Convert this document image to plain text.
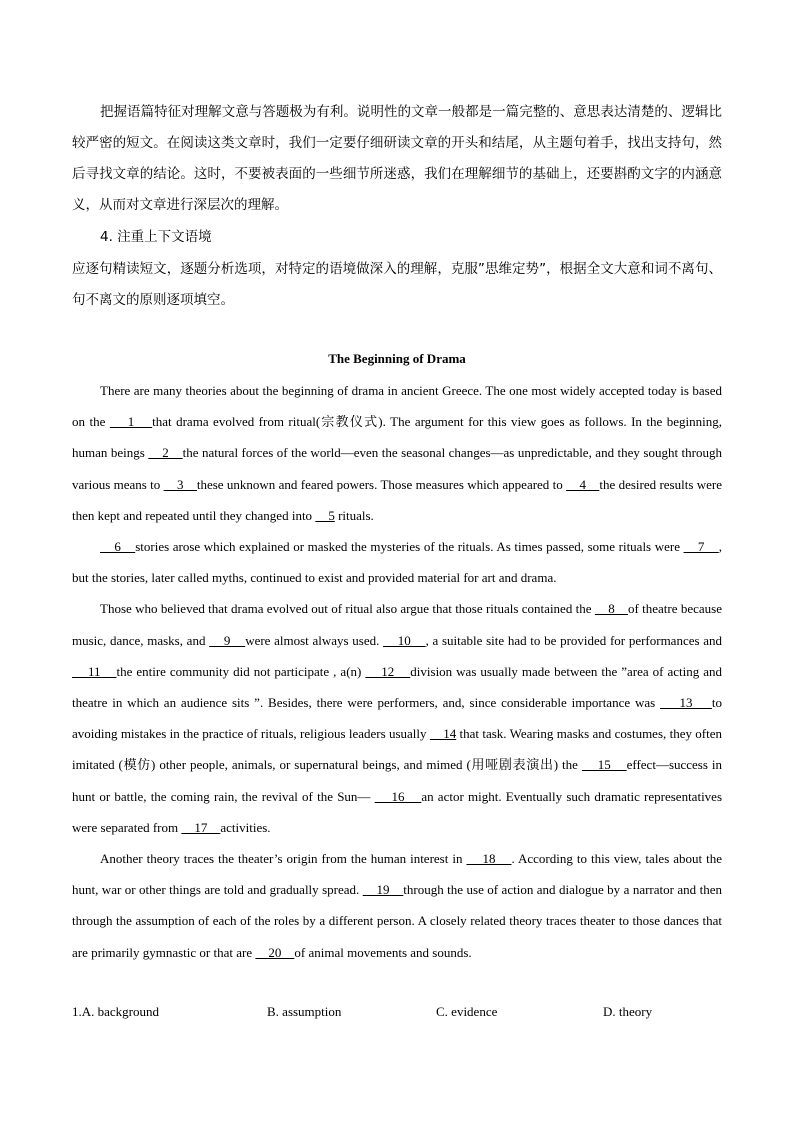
把握语篇特征对理解文意与答题极为有利。说明性的文章一般都是一篇完整的、意思表达清楚的、逻辑比较严密的短文。在阅读这类文章时，我们一定要仔细研读文章的开头和结尾，从主题句着手，找出支持句，然后寻找文章的结论。这时，不要被表面的一些细节所迷惑，我们在理解细节的基础上，还要斟酌文字的内涵意义，从而对文章进行深层次的理解。

4. 注重上下文语境

应逐句精读短文，逐题分析选项，对特定的语境做深入的理解，克服”思维定势”，根据全文大意和词不离句、句不离文的原则逐项填空。

The Beginning of Drama

There are many theories about the beginning of drama in ancient Greece. The one most widely accepted today is based on the     1    that drama evolved from ritual(宗教仪式). The argument for this view goes as follows. In the beginning, human beings     2    the natural forces of the world—even the seasonal changes—as unpredictable, and they sought through various means to     3    these unknown and feared powers. Those measures which appeared to     4    the desired results were then kept and repeated until they changed into     5 rituals.

6    stories arose which explained or masked the mysteries of the rituals. As times passed, some rituals were     7    , but the stories, later called myths, continued to exist and provided material for art and drama.

Those who believed that drama evolved out of ritual also argue that those rituals contained the     8    of theatre because music, dance, masks, and     9    were almost always used.     10    , a suitable site had to be provided for performances and     11    the entire community did not participate , a(n)     12    division was usually made between the ”area of acting and theatre in which an audience sits ”. Besides, there were performers, and, since considerable importance was     13    to avoiding mistakes in the practice of rituals, religious leaders usually     14 that task. Wearing masks and costumes, they often imitated (模仿) other people, animals, or supernatural beings, and mimed (用哑剧表演出) the     15    effect—success in hunt or battle, the coming rain, the revival of the Sun—     16    an actor might. Eventually such dramatic representatives were separated from     17    activities.

Another theory traces the theater’s origin from the human interest in     18    . According to this view, tales about the hunt, war or other things are told and gradually spread.     19    through the use of action and dialogue by a narrator and then through the assumption of each of the roles by a different person. A closely related theory traces theater to those dances that are primarily gymnastic or that are     20    of animal movements and sounds.

1.A. background	B. assumption	C. evidence	D. theory
